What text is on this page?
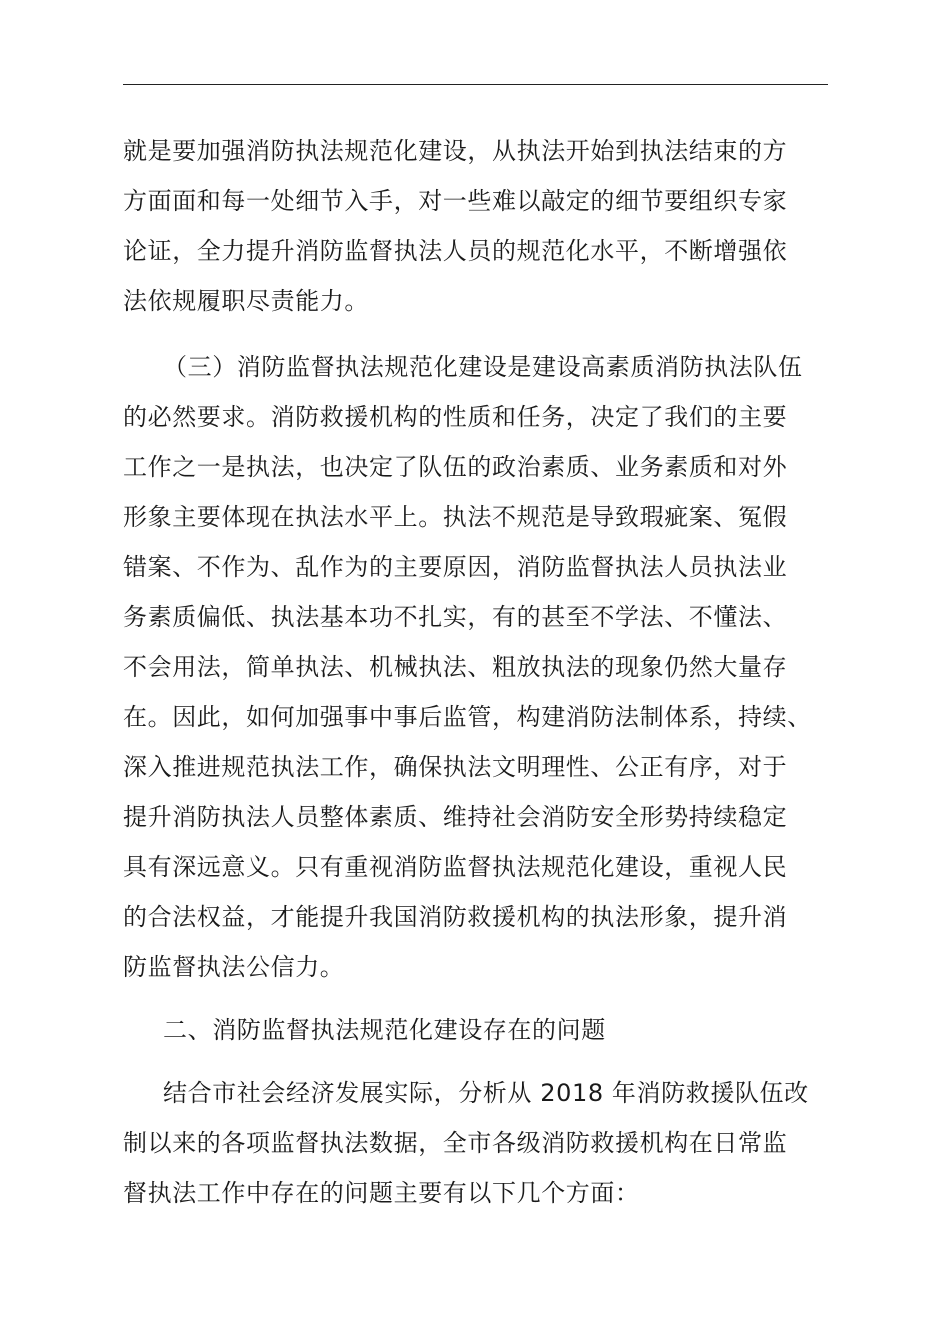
就是要加强消防执法规范化建设，从执法开始到执法结束的方
方面面和每一处细节入手，对一些难以敲定的细节要组织专家
论证，全力提升消防监督执法人员的规范化水平，不断增强依
法依规履职尽责能力。
（三）消防监督执法规范化建设是建设高素质消防执法队伍
的必然要求。消防救援机构的性质和任务，决定了我们的主要
工作之一是执法，也决定了队伍的政治素质、业务素质和对外
形象主要体现在执法水平上。执法不规范是导致瑕疵案、冤假
错案、不作为、乱作为的主要原因，消防监督执法人员执法业
务素质偏低、执法基本功不扎实，有的甚至不学法、不懂法、
不会用法，简单执法、机械执法、粗放执法的现象仍然大量存
在。因此，如何加强事中事后监管，构建消防法制体系，持续、
深入推进规范执法工作，确保执法文明理性、公正有序，对于
提升消防执法人员整体素质、维持社会消防安全形势持续稳定
具有深远意义。只有重视消防监督执法规范化建设，重视人民
的合法权益，才能提升我国消防救援机构的执法形象，提升消
防监督执法公信力。
二、消防监督执法规范化建设存在的问题
结合市社会经济发展实际，分析从 2018 年消防救援队伍改
制以来的各项监督执法数据，全市各级消防救援机构在日常监
督执法工作中存在的问题主要有以下几个方面：
